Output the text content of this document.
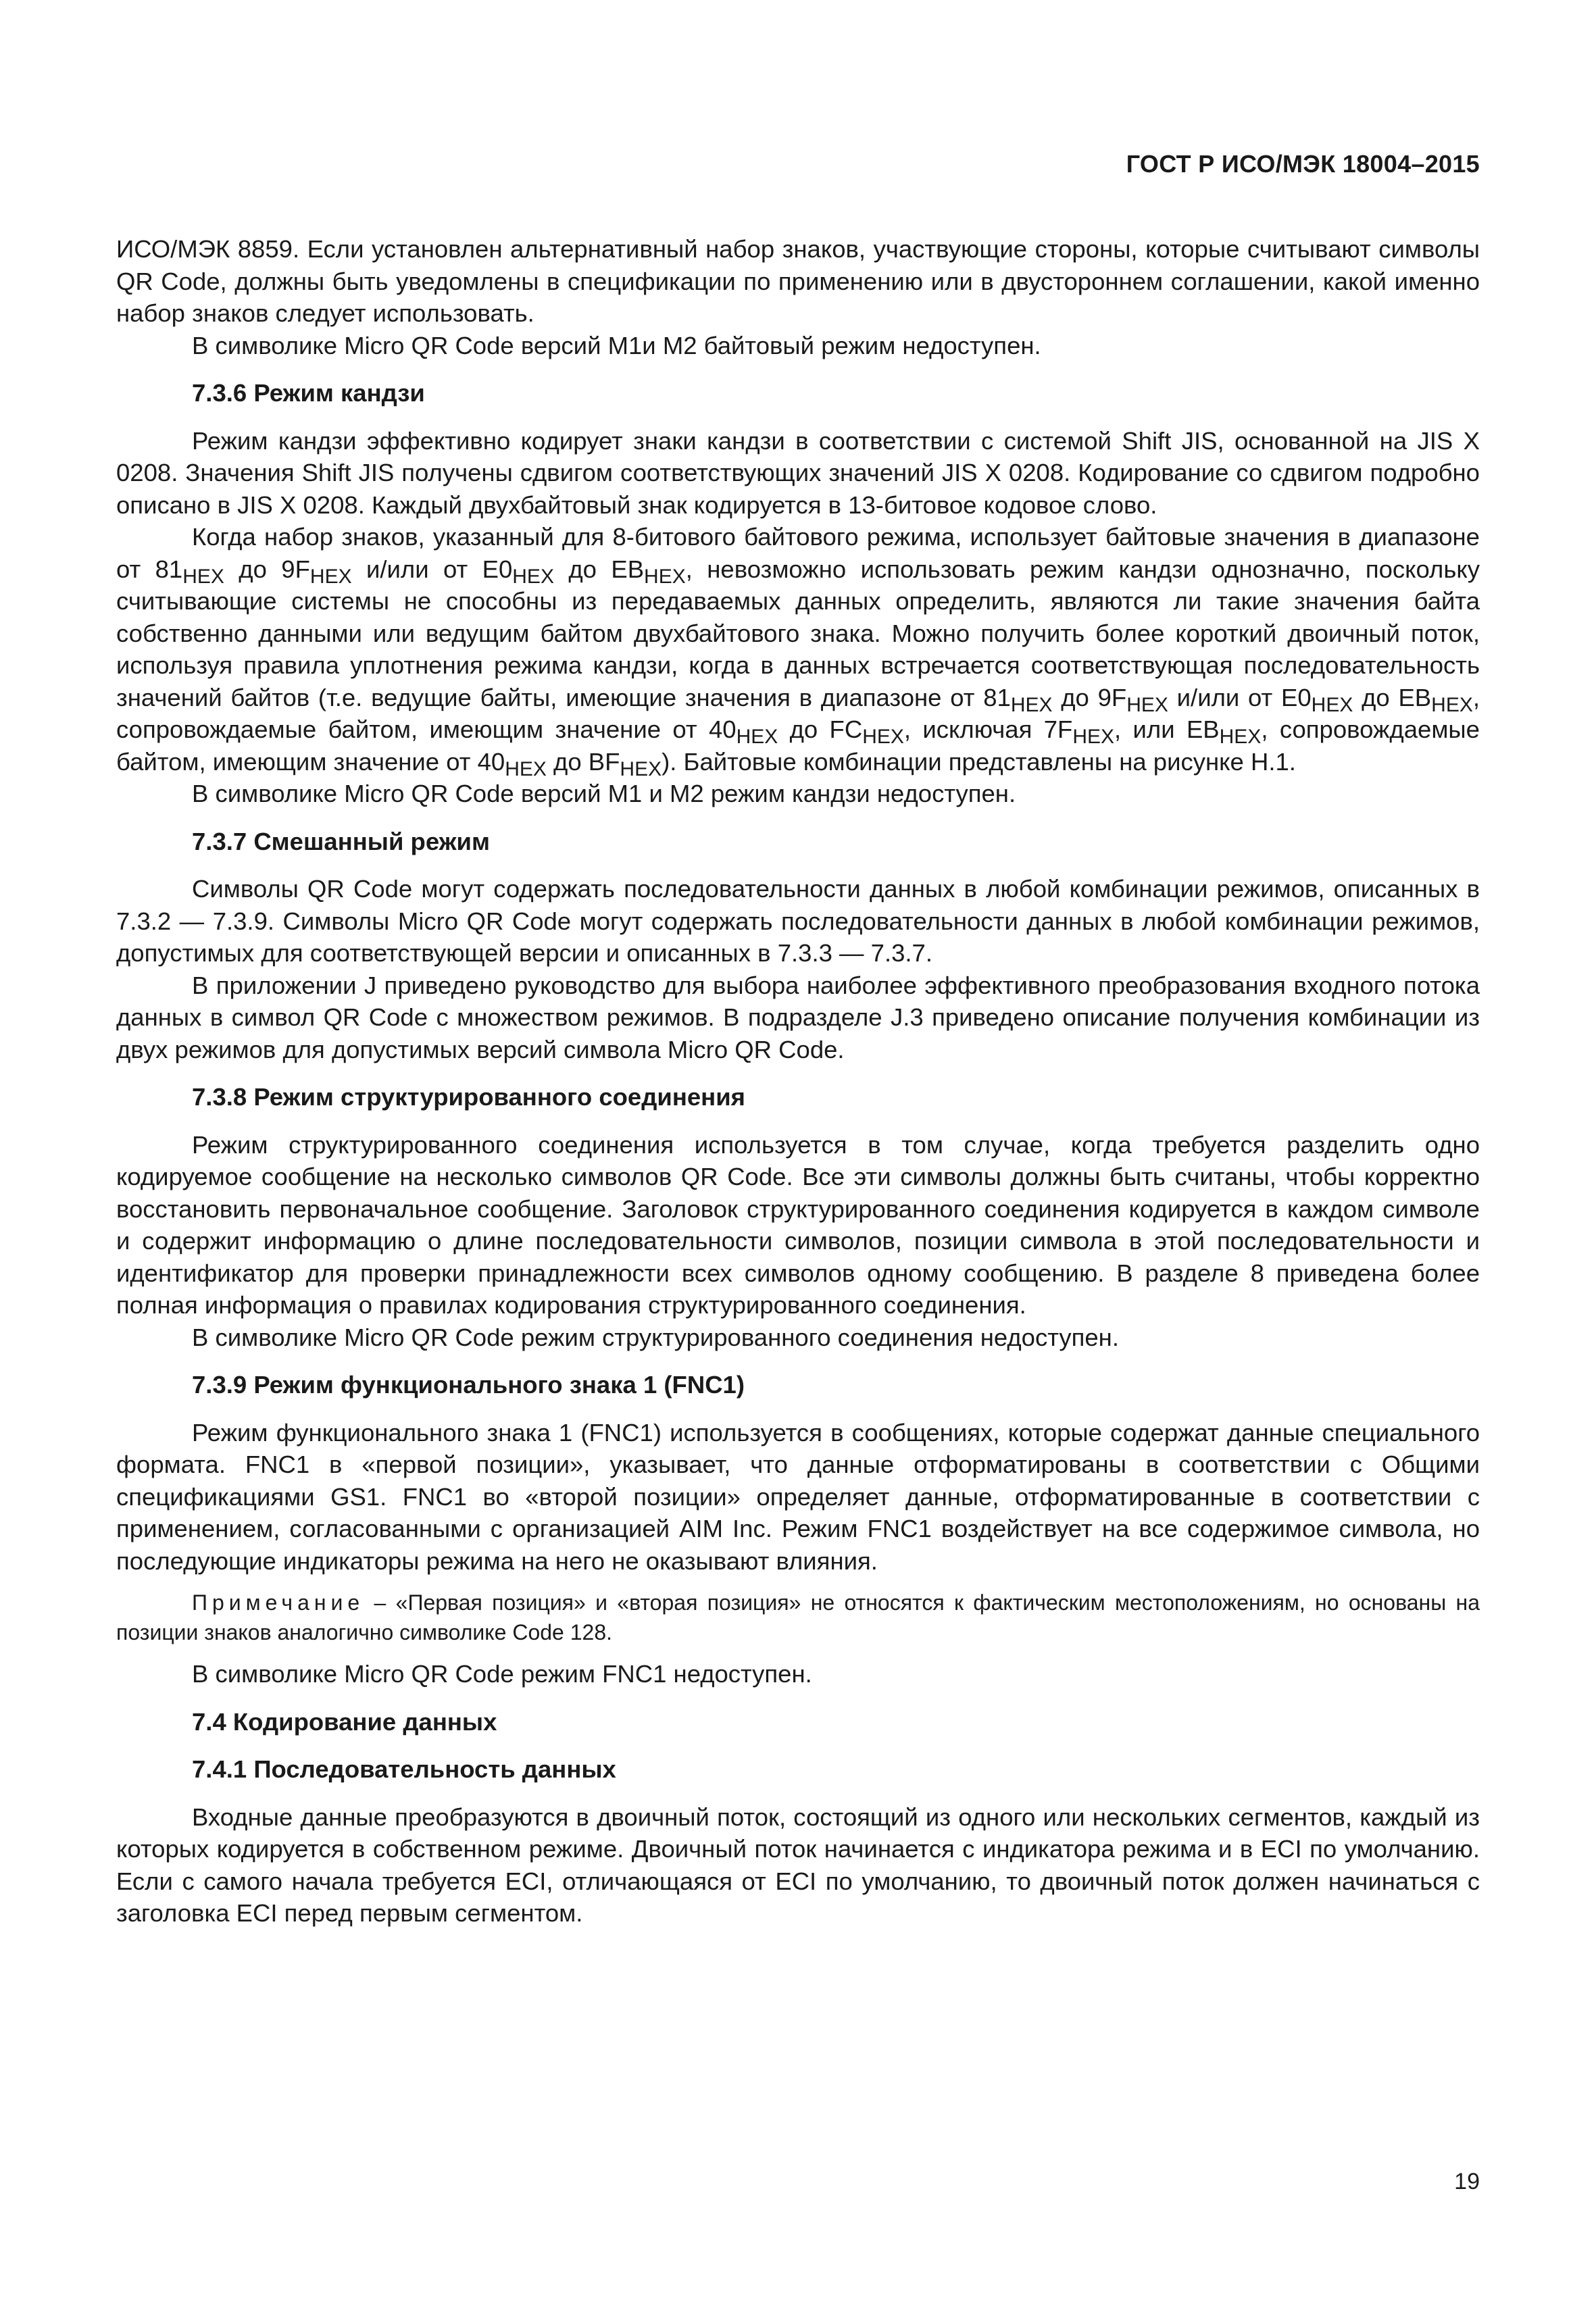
ГОСТ Р ИСО/МЭК 18004–2015

ИСО/МЭК 8859. Если установлен альтернативный набор знаков, участвующие стороны, которые считывают символы QR Code, должны быть уведомлены в спецификации по применению или в двустороннем соглашении, какой именно набор знаков следует использовать.

В символике Micro QR Code версий M1и M2 байтовый режим недоступен.

7.3.6 Режим кандзи

Режим кандзи эффективно кодирует знаки кандзи в соответствии с системой Shift JIS, основанной на JIS X 0208. Значения Shift JIS получены сдвигом соответствующих значений JIS X 0208. Кодирование со сдвигом подробно описано в JIS X 0208. Каждый двухбайтовый знак кодируется в 13-битовое кодовое слово.

Когда набор знаков, указанный для 8-битового байтового режима, использует байтовые значения в диапазоне от $81_{HEX}$ до $9F_{HEX}$ и/или от $E0_{HEX}$ до $EB_{HEX}$, невозможно использовать режим кандзи однозначно, поскольку считывающие системы не способны из передаваемых данных определить, являются ли такие значения байта собственно данными или ведущим байтом двухбайтового знака. Можно получить более короткий двоичный поток, используя правила уплотнения режима кандзи, когда в данных встречается соответствующая последовательность значений байтов (т.е. ведущие байты, имеющие значения в диапазоне от $81_{HEX}$ до $9F_{HEX}$ и/или от $E0_{HEX}$ до $EB_{HEX}$, сопровождаемые байтом, имеющим значение от $40_{HEX}$ до $FC_{HEX}$, исключая $7F_{HEX}$, или $EB_{HEX}$, сопровождаемые байтом, имеющим значение от $40_{HEX}$ до $BF_{HEX}$). Байтовые комбинации представлены на рисунке H.1.

В символике Micro QR Code версий M1 и M2 режим кандзи недоступен.

7.3.7 Смешанный режим

Символы QR Code могут содержать последовательности данных в любой комбинации режимов, описанных в 7.3.2 — 7.3.9. Символы Micro QR Code могут содержать последовательности данных в любой комбинации режимов, допустимых для соответствующей версии и описанных в 7.3.3 — 7.3.7.

В приложении J приведено руководство для выбора наиболее эффективного преобразования входного потока данных в символ QR Code с множеством режимов. В подразделе J.3 приведено описание получения комбинации из двух режимов для допустимых версий символа Micro QR Code.

7.3.8 Режим структурированного соединения

Режим структурированного соединения используется в том случае, когда требуется разделить одно кодируемое сообщение на несколько символов QR Code. Все эти символы должны быть считаны, чтобы корректно восстановить первоначальное сообщение. Заголовок структурированного соединения кодируется в каждом символе и содержит информацию о длине последовательности символов, позиции символа в этой последовательности и идентификатор для проверки принадлежности всех символов одному сообщению. В разделе 8 приведена более полная информация о правилах кодирования структурированного соединения.

В символике Micro QR Code режим структурированного соединения недоступен.

7.3.9 Режим функционального знака 1 (FNC1)

Режим функционального знака 1 (FNC1) используется в сообщениях, которые содержат данные специального формата. FNC1 в «первой позиции», указывает, что данные отформатированы в соответствии с Общими спецификациями GS1. FNC1 во «второй позиции» определяет данные, отформатированные в соответствии с применением, согласованными с организацией AIM Inc. Режим FNC1 воздействует на все содержимое символа, но последующие индикаторы режима на него не оказывают влияния.

Примечание – «Первая позиция» и «вторая позиция» не относятся к фактическим местоположениям, но основаны на позиции знаков аналогично символике Code 128.

В символике Micro QR Code режим FNC1 недоступен.

7.4 Кодирование данных
7.4.1 Последовательность данных

Входные данные преобразуются в двоичный поток, состоящий из одного или нескольких сегментов, каждый из которых кодируется в собственном режиме. Двоичный поток начинается с индикатора режима и в ECI по умолчанию. Если с самого начала требуется ECI, отличающаяся от ECI по умолчанию, то двоичный поток должен начинаться с заголовка ECI перед первым сегментом.

19
